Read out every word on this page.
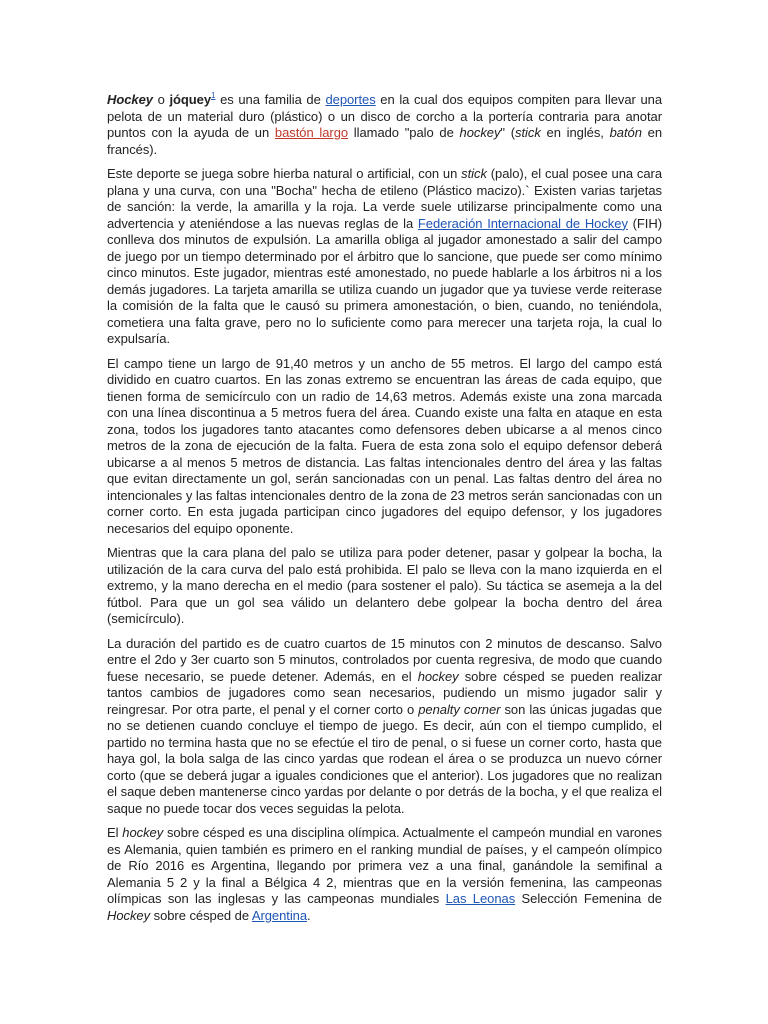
Hockey o jóquey$^1$ es una familia de deportes en la cual dos equipos compiten para llevar una pelota de un material duro (plástico) o un disco de corcho a la portería contraria para anotar puntos con la ayuda de un bastón largo llamado "palo de hockey" (stick en inglés, batón en francés).

Este deporte se juega sobre hierba natural o artificial, con un stick (palo), el cual posee una cara plana y una curva, con una "Bocha" hecha de etileno (Plástico macizo).` Existen varias tarjetas de sanción: la verde, la amarilla y la roja. La verde suele utilizarse principalmente como una advertencia y ateniéndose a las nuevas reglas de la Federación Internacional de Hockey (FIH) conlleva dos minutos de expulsión. La amarilla obliga al jugador amonestado a salir del campo de juego por un tiempo determinado por el árbitro que lo sancione, que puede ser como mínimo cinco minutos. Este jugador, mientras esté amonestado, no puede hablarle a los árbitros ni a los demás jugadores. La tarjeta amarilla se utiliza cuando un jugador que ya tuviese verde reiterase la comisión de la falta que le causó su primera amonestación, o bien, cuando, no teniéndola, cometiera una falta grave, pero no lo suficiente como para merecer una tarjeta roja, la cual lo expulsaría.

El campo tiene un largo de 91,40 metros y un ancho de 55 metros. El largo del campo está dividido en cuatro cuartos. En las zonas extremo se encuentran las áreas de cada equipo, que tienen forma de semicírculo con un radio de 14,63 metros. Además existe una zona marcada con una línea discontinua a 5 metros fuera del área. Cuando existe una falta en ataque en esta zona, todos los jugadores tanto atacantes como defensores deben ubicarse a al menos cinco metros de la zona de ejecución de la falta. Fuera de esta zona solo el equipo defensor deberá ubicarse a al menos 5 metros de distancia. Las faltas intencionales dentro del área y las faltas que evitan directamente un gol, serán sancionadas con un penal. Las faltas dentro del área no intencionales y las faltas intencionales dentro de la zona de 23 metros serán sancionadas con un corner corto. En esta jugada participan cinco jugadores del equipo defensor, y los jugadores necesarios del equipo oponente.

Mientras que la cara plana del palo se utiliza para poder detener, pasar y golpear la bocha, la utilización de la cara curva del palo está prohibida. El palo se lleva con la mano izquierda en el extremo, y la mano derecha en el medio (para sostener el palo). Su táctica se asemeja a la del fútbol. Para que un gol sea válido un delantero debe golpear la bocha dentro del área (semicírculo).

La duración del partido es de cuatro cuartos de 15 minutos con 2 minutos de descanso. Salvo entre el 2do y 3er cuarto son 5 minutos, controlados por cuenta regresiva, de modo que cuando fuese necesario, se puede detener. Además, en el hockey sobre césped se pueden realizar tantos cambios de jugadores como sean necesarios, pudiendo un mismo jugador salir y reingresar. Por otra parte, el penal y el corner corto o penalty corner son las únicas jugadas que no se detienen cuando concluye el tiempo de juego. Es decir, aún con el tiempo cumplido, el partido no termina hasta que no se efectúe el tiro de penal, o si fuese un corner corto, hasta que haya gol, la bola salga de las cinco yardas que rodean el área o se produzca un nuevo córner corto (que se deberá jugar a iguales condiciones que el anterior). Los jugadores que no realizan el saque deben mantenerse cinco yardas por delante o por detrás de la bocha, y el que realiza el saque no puede tocar dos veces seguidas la pelota.

El hockey sobre césped es una disciplina olímpica. Actualmente el campeón mundial en varones es Alemania, quien también es primero en el ranking mundial de países, y el campeón olímpico de Río 2016 es Argentina, llegando por primera vez a una final, ganándole la semifinal a Alemania 5 2 y la final a Bélgica 4 2, mientras que en la versión femenina, las campeonas olímpicas son las inglesas y las campeonas mundiales Las Leonas Selección Femenina de Hockey sobre césped de Argentina.
